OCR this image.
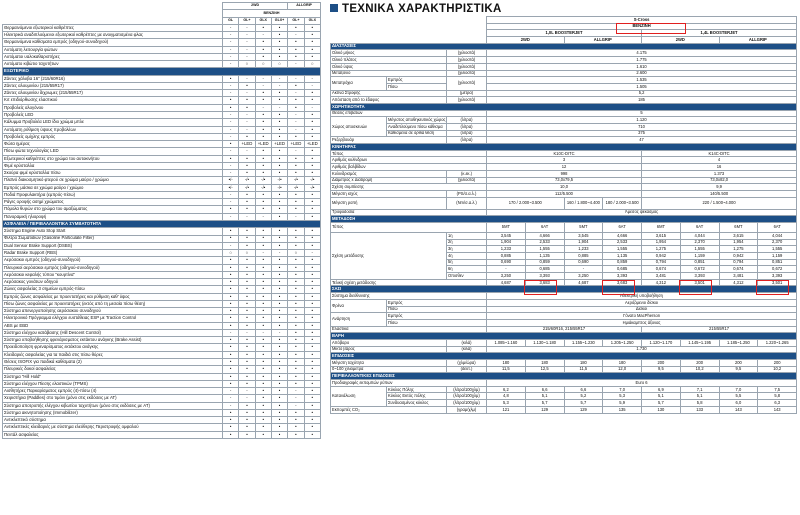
	2WD				ALLGRIP	
	ΒΕΝΖΙΝΗ					
	GL	GL+	GLX	GLX+	GL+	GLX
Θερμαινόμενοι εξωτερικοί καθρέπτες	-	-	•	•	•	•
Ηλεκτρικά αναδιπλούμενοι εξωτερικοί καθρέπτες με ανοιγματισμένα φλας	-	-	-	•	-	•
Θερμαινόμενα καθίσματα εμπρός (οδηγού-συνοδηγού)	-	-	•	•	•	•
Αυτόματη λειτουργία φώτων	-	-	•	•	•	•
Αυτόματοι υαλοκαθαριστήρες	-	-	•	•	•	•
Αυτόματο κιβώτιο ταχυτήτων	-	○	○	○	-	○
ΕΞΩΤΕΡΙΚΟ						
Ζάντες χάλυβα 16'' (215/60R16)	•	-	-	-	-	-
Ζάντες αλουμινίου (215/55R17)	-	•	-	-	•	-
Ζάντες αλουμινίου διχρωμες (215/55R17)	-	-	•	•	-	•
Κιτ επιδιόρθωσης ελαστικού	•	•	•	•	•	•
Προβολείς αλογόνου	•	•	-	-	•	-
Προβολείς LED	-	-	•	•	-	•
Κάλυμμα Προβολέα LED ίδιο χρώμα μπλε	-	-	•	•	-	•
Αυτόματη ρύθμιση ύψους προβολέων	-	-	•	•	-	•
Προβολείς ομίχλης εμπρός	-	•	•	•	•	•
Φώτα ημέρας	•	+LED	+LED	+LED	+LED	+LED
Πίσω φώτα τεχνολογίας LED	-	-	•	•	-	•
Εξωτερικοί καθρέπτες στο χρώμα του αυτοκινήτου	•	•	•	•	•	•
Φιμέ κρύσταλλα	-	•	•	•	•	•
Σκούρα φιμέ κρύσταλλα πίσω	-	•	•	•	•	•
Πλαϊνό διακοσμητικό φτερού σε χρώμα μαύρο / χρώμιο	•/-	-/•	-/•	-/•	-/•	-/•
Εμπρός μάσκα σε χρώμα μαύρο / χρώμιο	•/-	-/•	-/•	-/•	-/•	-/•
Ποδιά Προφυλακτήρα (εμπρός-πίσω)	-	•	•	•	•	•
Ράγες οροφής ασημί χρώματος	-	•	•	•	•	•
Πόμολα θυρών στο χρώμα του αμαξώματος	•	•	•	•	•	•
Πανοραμική ηλιοροφή	-	-	-	•	-	•
ΑΣΦΑΛΕΙΑ / ΠΕΡΙΒΑΛΛΟΝΤΙΚΑ ΣΥΜΒΑΤΟΤΗΤΑ						
Σύστημα Engine Auto Stop Start	•	•	•	•	•	•
Φίλτρο Σωματιδίων (Gasoline Particulate Filter)	•	•	•	•	•	•
Dual Sensor Brake Support (DSBS)	-	•	•	•	•	•
Radar Brake Support (RBS)	○	○	-	-	○	-
Αερόσακοι εμπρός (οδηγού-συνοδηγού)	•	•	•	•	•	•
Πλευρικοί αερόσακοι εμπρός (οδηγού-συνοδηγού)	•	•	•	•	•	•
Αερόσακοι κεφαλής τύπου "κουρτίνα"	•	•	•	•	•	•
Αερόσακος γονάτων οδηγού	•	•	•	•	•	•
Ζώνες ασφαλείας 3 σημείων εμπρός-πίσω	•	•	•	•	•	•
Εμπρός ζώνες ασφαλείας με προεντατήρες και ρύθμιση καθ' ύψος	•	•	•	•	•	•
Πίσω ζώνες ασφαλείας με προεντατήρες (εκτός από τη μεσαία πίσω θέση)	•	•	•	•	•	•
Σύστημα απενεργοποίησης αερόσακου συνοδηγού	•	•	•	•	•	•
Ηλεκτρονικό Πρόγραμμα ελέγχου ευστάθειας ESP με Traction Control	•	•	•	•	•	•
ABS με EBD	•	•	•	•	•	•
Σύστημα ελέγχου κατάβασης (Hill Descent Control)	-	-	-	-	•	•
Σύστημα υποβοήθησης φρενάρισματος εκτάκτου ανάγκης (Brake Assist)	•	•	•	•	•	•
Προειδοποίηση φρεναρίσματος εκτάκτου ανάγκης	•	•	•	•	•	•
Κλειδαριές ασφαλείας για τα παιδιά στις πίσω θύρες	•	•	•	•	•	•
Θέσεις ISOFIX για παιδικά καθίσματα (2)	•	•	•	•	•	•
Πλευρικές δοκοί ασφαλείας	•	•	•	•	•	•
Σύστημα "Hill Hold"	•	•	•	•	•	•
Σύστημα ελέγχου Πίεσης ελαστικών (TPMS)	•	•	•	•	•	•
Αισθητήρες Παρκαρίσματος εμπρός (4)-πίσω (4)	-	-	•	•	-	•
Χειριστήρια (Paddles) στο τιμόνι (μόνο στις εκδόσεις με AT)	-	-	•	•	-	•
Σύστημα αποτροπής ελέγχου κιβωτίου ταχυτήτων (μόνο στις εκδόσεις με AT)	-	•	•	•	-	•
Σύστημα ακινητοποίησης (Immobilizer)	•	•	•	•	•	•
Αντικλεπτικό σύστημα	•	•	•	•	•	•
Αντικλεπτικές κλειδαριές με σύστημα ελεύθερης Περιστροφής ομφαλού	•	•	•	•	•	•
Πεντάλ ασφαλείας	•	•	•	•	•	•
ΤΕΧΝΙΚΑ ΧΑΡΑΚΤΗΡΙΣΤΙΚΑ
			S-Cross							
			ΒΕΝΖΙΝΗ							
			1,0L BOOSTERJET				1,4L BOOSTERJET			
			2WD		ALLGRIP		2WD		ALLGRIP	
ΔΙΑΣΤΑΣΕΙΣ										
Ολικό μήκος		(χιλιοστά)	4.175							
Ολικό πλάτος		(χιλιοστά)	1.775							
Ολικό ύψος		(χιλιοστά)	1.610							
Μεταξόνιο		(χιλιοστά)	2.600							
Μετατρόχια	Εμπρός	(χιλιοστά)	1.535							
	Πίσω		1.505							
Ακτίνα Στροφής		(μέτρα)	5,2							
Απόσταση από το έδαφος		(χιλιοστά)	185							
ΧΩΡΗΤΙΚΟΤΗΤΑ										
Θέσεις επιβατών			5							
Χώρος αποσκευών	Μέγιστος αποθηκευτικός χώρος	(λίτρα)	1.120							
	Αναδιπλούμενο πίσω κάθισμα	(λίτρα)	710							
	Καθισμένα σε όρθια θέση	(λίτρα)	375							
Ρεζερβουάρ		(λίτρα)	47							
ΚΙΝΗΤΗΡΑΣ										
Τύπος			K10C-DITC				K14C-DITC			
Αριθμός κυλίνδρων			3				4			
Αριθμός βαλβίδων			12				16			
Κυλινδρισμός		(κ.εκ.)	998				1.373			
Διάμετρος x Διαδρομή		(χιλιοστά)	73,0x79,5				73,0x82,0			
Σχέση συμπίεσης			10,0				9,9			
Μέγιστη ισχύς		(PS/σ.α.λ.)	112/5.500				140/5.500			
Μέγιστη ροπή		(Nm/σ.α.λ.)	170 / 2.000~3.500		160 / 1.800~4.400	180 / 2.000~3.500	220 / 1.500~4.000			
Τροφοδοσία			Άμεσος ψεκασμός							
ΜΕΤΑΔΟΣΗ										
Τύπος			5MT	6AT	5MT	6AT	6MT	6AT	6MT	6AT
Σχέση μετάδοσης		1η	3,545	4,666	3,545	4,666	3,615	4,044	3,615	4,044
		2η	1,904	2,533	1,904	2,533	1,954	2,370	1,954	2,370
		3η	1,233	1,555	1,233	1,555	1,275	1,555	1,275	1,555
		4η	0,885	1,135	0,885	1,135	0,942	1,159	0,942	1,159
		5η	0,690	0,859	0,690	0,859	0,794	0,851	0,794	0,851
		6η	-	0,685	-	0,685	0,674	0,672	0,674	0,672
		Οπισθεν	3,250	3,393	3,250	3,393	3,481	3,393	3,481	3,393
Τελική σχέση μετάδοσης			4,687	3,683	4,687	3,683	4,312	3,501	4,312	3,501
ΣΑΣΙ										
Σύστημα διεύθυνσης			Ηλεκτρική υποβοήθηση							
Φρένα	Εμπρός		Αεριζόμενοι δίσκοι							
	Πίσω		Δίσκοι							
Ανάρτηση	Εμπρός		Γόνατο MacPherson							
	Πίσω		Ημιάκαμπτος άξονας							
Ελαστικά			215/60R16, 215/55R17				215/55R17			
ΒΑΡΗ										
Απόβαρο		(κιλά)	1.085~1.160	1.130~1.180	1.155~1.230	1.205~1.250	1.120~1.170	1.145~1.195	1.185~1.250	1.220~1.265
Μικτό βάρος		(κιλά)	1.730							
ΕΠΙΔΟΣΕΙΣ										
Μέγιστη ταχύτητα		(χλμ/ώρα)	180	180	180	180	200	200	200	200
0~100 χιλιόμετρα		(δευτ.)	11,5	12,5	11,5	12,0	9,5	10,2	9,5	10,2
ΠΕΡΙΒΑΛΛΟΝΤΙΚΕΣ ΕΠΙΔΟΣΕΙΣ										
Προδιαγραφές εκπομπών ρύπων			Euro 6							
Κατανάλωση	Κύκλος Πόλης	(λίτρα/100χλμ)	6,2	6,6	6,6	7,0	6,9	7,1	7,0	7,5
	Κύκλος Εκτός πόλης	(λίτρα/100χλμ)	4,8	5,1	5,2	5,3	5,1	5,1	5,5	5,8
	Συνδυασμένος κύκλος	(λίτρα/100χλμ)	5,3	5,7	5,7	5,9	5,7	5,8	6,0	6,3
Εκπομπές CO₂		(γραμ/χλμ)	121	129	129	135	130	133	143	143
